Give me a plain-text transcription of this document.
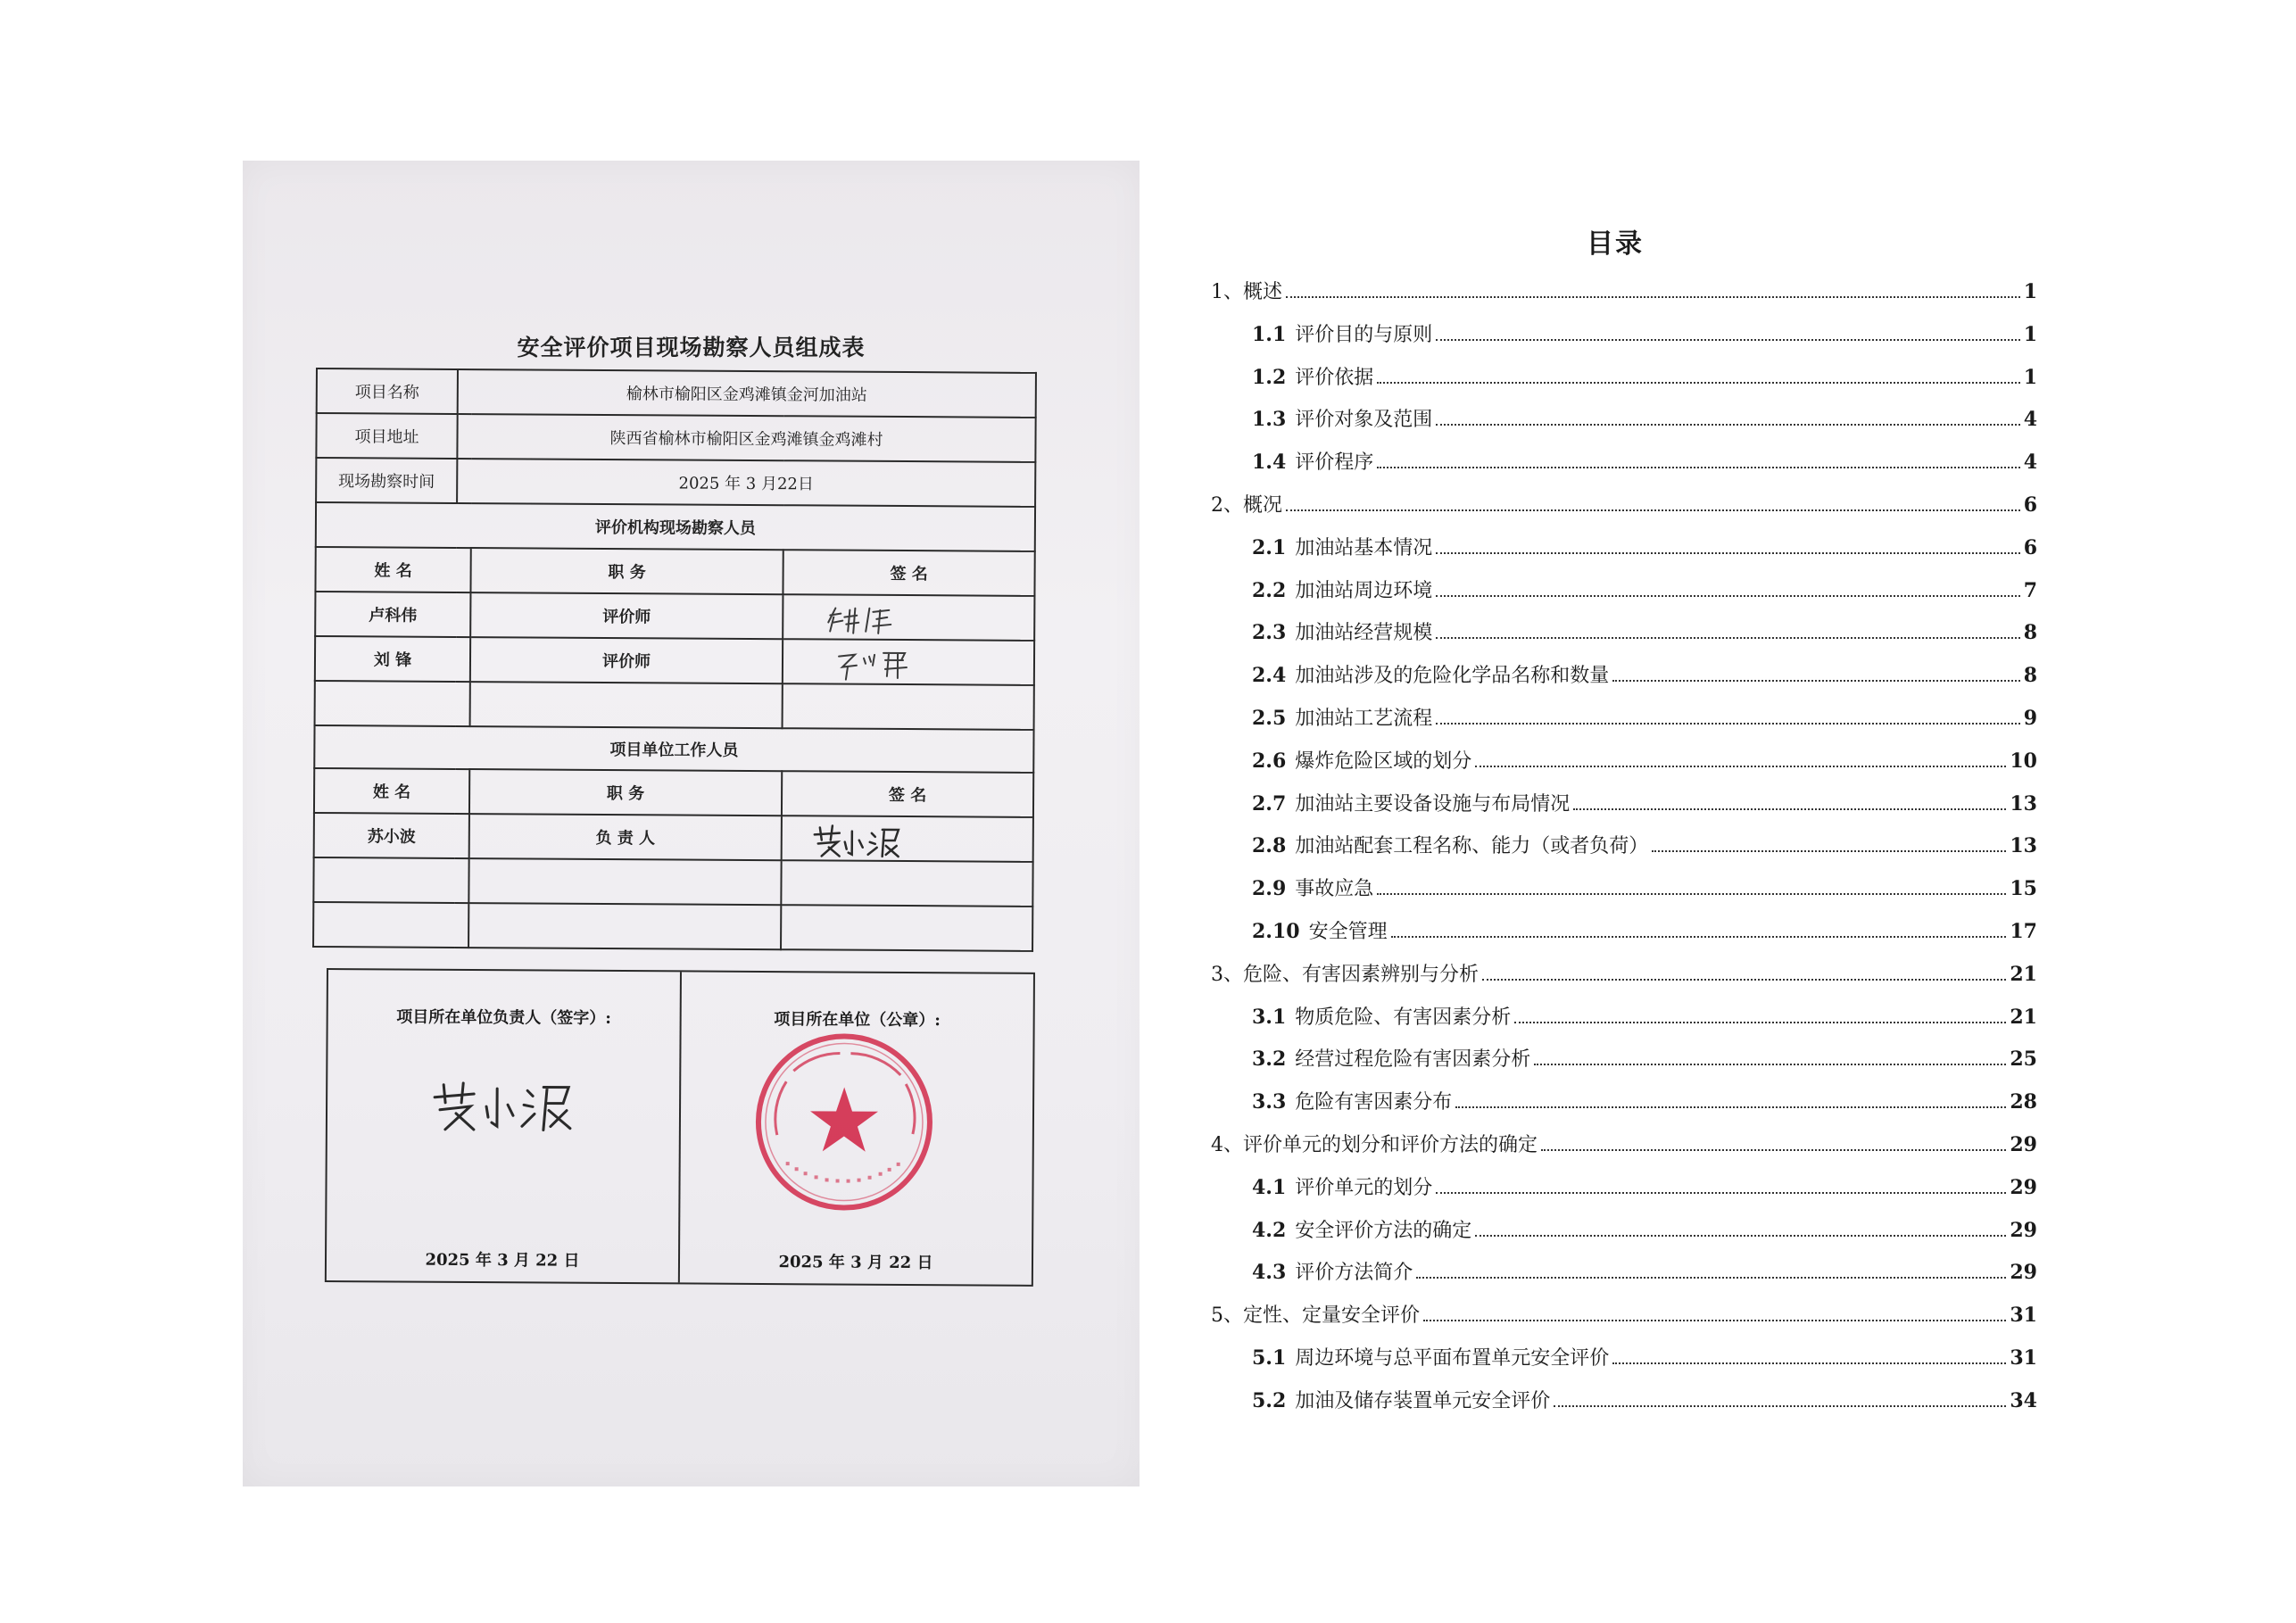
安全评价项目现场勘察人员组成表
项目名称	榆林市榆阳区金鸡滩镇金河加油站		
项目地址	陕西省榆林市榆阳区金鸡滩镇金鸡滩村		
现场勘察时间	2025 年 3 月22日		
评价机构现场勘察人员			
姓 名		职 务	签 名
卢科伟		评价师	

刘 锋		评价师	

项目单位工作人员			
姓 名		职 务	签 名
苏小波		负 责 人	

项目所在单位负责人（签字）:
2025 年 3 月 22 日
项目所在单位（公章）:
2025 年 3 月 22 日
目录
1、 概述	1
1.1 评价目的与原则	1
1.2 评价依据	1
1.3 评价对象及范围	4
1.4 评价程序	4
2、 概况	6
2.1 加油站基本情况	6
2.2 加油站周边环境	7
2.3 加油站经营规模	8
2.4 加油站涉及的危险化学品名称和数量	8
2.5 加油站工艺流程	9
2.6 爆炸危险区域的划分	10
2.7 加油站主要设备设施与布局情况	13
2.8 加油站配套工程名称、能力（或者负荷）	13
2.9 事故应急	15
2.10 安全管理	17
3、 危险、有害因素辨别与分析	21
3.1 物质危险、有害因素分析	21
3.2 经营过程危险有害因素分析	25
3.3 危险有害因素分布	28
4、 评价单元的划分和评价方法的确定	29
4.1 评价单元的划分	29
4.2 安全评价方法的确定	29
4.3 评价方法简介	29
5、 定性、定量安全评价	31
5.1 周边环境与总平面布置单元安全评价	31
5.2 加油及储存装置单元安全评价	34
